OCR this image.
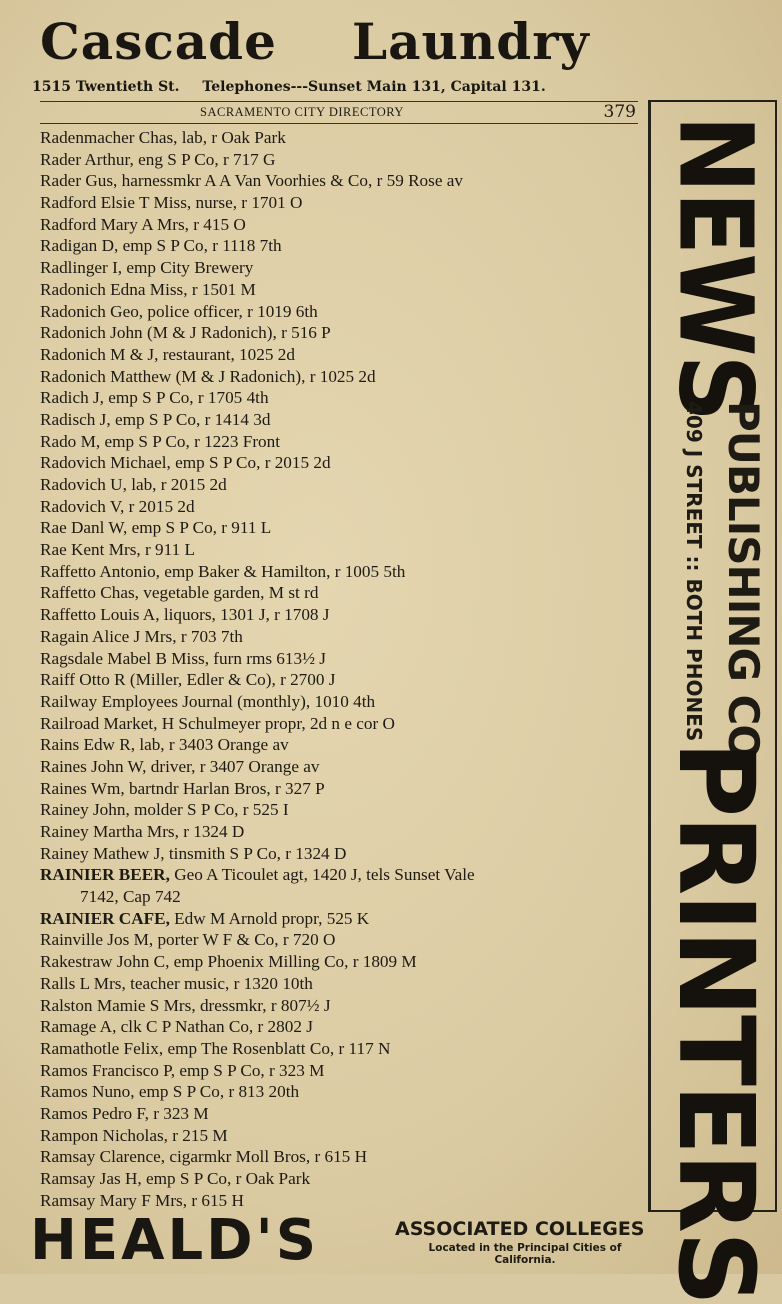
Cascade Laundry
1515 Twentieth St. Telephones---Sunset Main 131, Capital 131.
SACRAMENTO CITY DIRECTORY	379
Radenmacher Chas, lab, r Oak Park
Rader Arthur, eng S P Co, r 717 G
Rader Gus, harnessmkr A A Van Voorhies & Co, r 59 Rose av
Radford Elsie T Miss, nurse, r 1701 O
Radford Mary A Mrs, r 415 O
Radigan D, emp S P Co, r 1118 7th
Radlinger I, emp City Brewery
Radonich Edna Miss, r 1501 M
Radonich Geo, police officer, r 1019 6th
Radonich John (M & J Radonich), r 516 P
Radonich M & J, restaurant, 1025 2d
Radonich Matthew (M & J Radonich), r 1025 2d
Radich J, emp S P Co, r 1705 4th
Radisch J, emp S P Co, r 1414 3d
Rado M, emp S P Co, r 1223 Front
Radovich Michael, emp S P Co, r 2015 2d
Radovich U, lab, r 2015 2d
Radovich V, r 2015 2d
Rae Danl W, emp S P Co, r 911 L
Rae Kent Mrs, r 911 L
Raffetto Antonio, emp Baker & Hamilton, r 1005 5th
Raffetto Chas, vegetable garden, M st rd
Raffetto Louis A, liquors, 1301 J, r 1708 J
Ragain Alice J Mrs, r 703 7th
Ragsdale Mabel B Miss, furn rms 613½ J
Raiff Otto R (Miller, Edler & Co), r 2700 J
Railway Employees Journal (monthly), 1010 4th
Railroad Market, H Schulmeyer propr, 2d n e cor O
Rains Edw R, lab, r 3403 Orange av
Raines John W, driver, r 3407 Orange av
Raines Wm, bartndr Harlan Bros, r 327 P
Rainey John, molder S P Co, r 525 I
Rainey Martha Mrs, r 1324 D
Rainey Mathew J, tinsmith S P Co, r 1324 D
RAINIER BEER, Geo A Ticoulet agt, 1420 J, tels Sunset Vale
7142, Cap 742
RAINIER CAFE, Edw M Arnold propr, 525 K
Rainville Jos M, porter W F & Co, r 720 O
Rakestraw John C, emp Phoenix Milling Co, r 1809 M
Ralls L Mrs, teacher music, r 1320 10th
Ralston Mamie S Mrs, dressmkr, r 807½ J
Ramage A, clk C P Nathan Co, r 2802 J
Ramathotle Felix, emp The Rosenblatt Co, r 117 N
Ramos Francisco P, emp S P Co, r 323 M
Ramos Nuno, emp S P Co, r 813 20th
Ramos Pedro F, r 323 M
Rampon Nicholas, r 215 M
Ramsay Clarence, cigarmkr Moll Bros, r 615 H
Ramsay Jas H, emp S P Co, r Oak Park
Ramsay Mary F Mrs, r 615 H
NEWS
PUBLISHING CO.
409 J STREET :: BOTH PHONES
PRINTERS
HEALD'S	ASSOCIATED COLLEGES
Located in the Principal Cities of California.
